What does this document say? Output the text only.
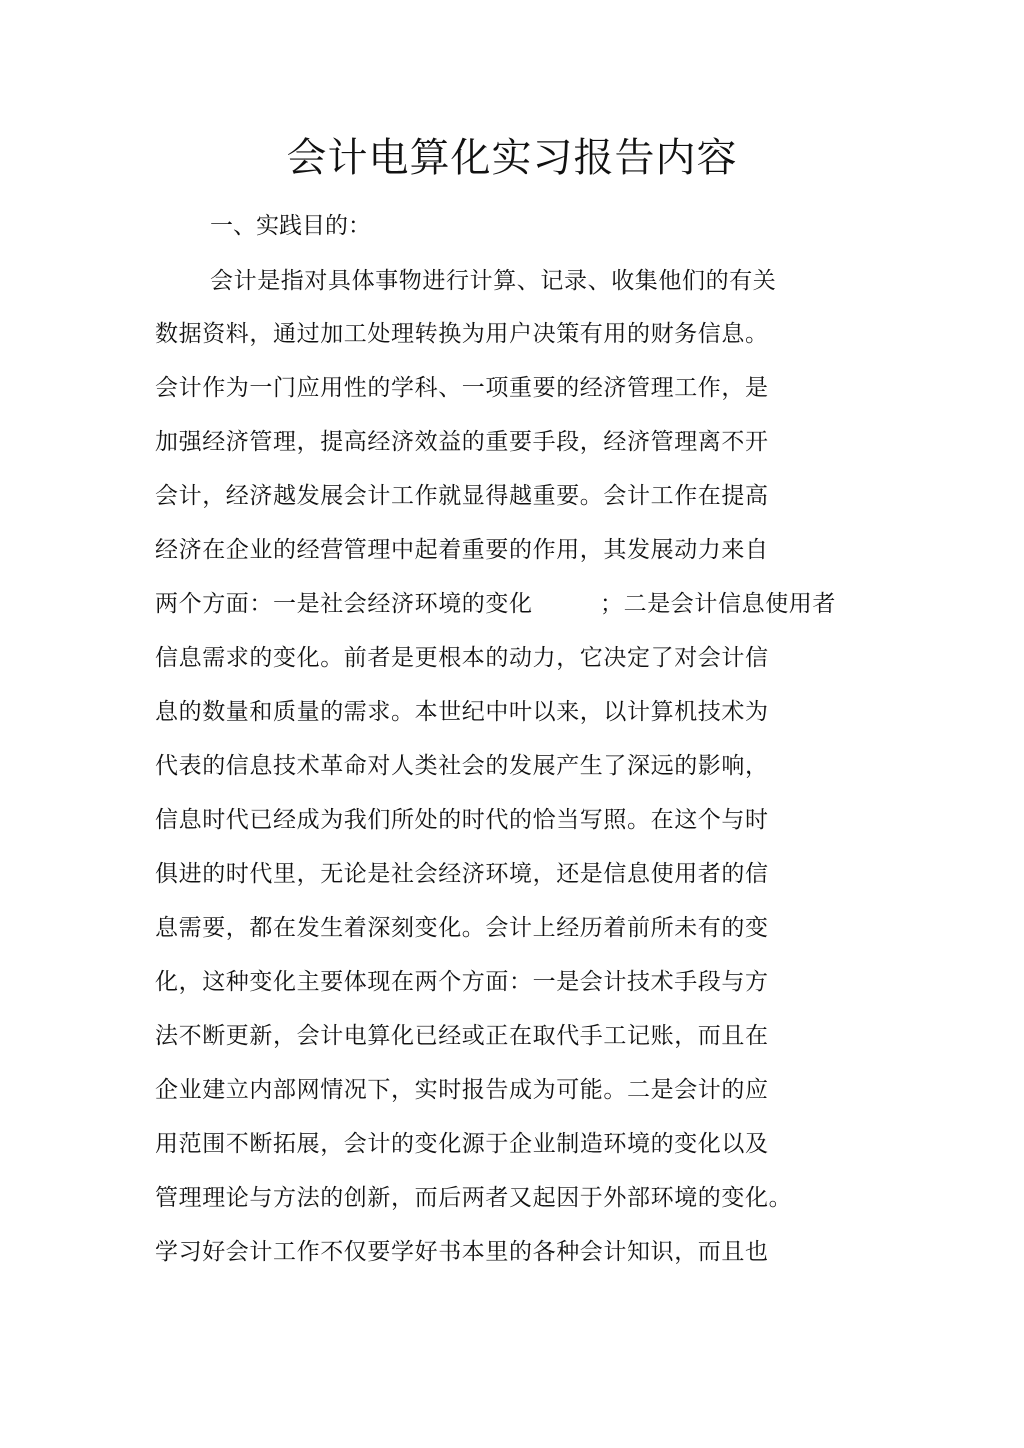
会计电算化实习报告内容
一、实践目的：
会计是指对具体事物进行计算、记录、收集他们的有关
数据资料，通过加工处理转换为用户决策有用的财务信息。
会计作为一门应用性的学科、一项重要的经济管理工作，是
加强经济管理，提高经济效益的重要手段，经济管理离不开
会计，经济越发展会计工作就显得越重要。会计工作在提高
经济在企业的经营管理中起着重要的作用，其发展动力来自
两个方面：一是社会经济环境的变化	；二是会计信息使用者
信息需求的变化。前者是更根本的动力，它决定了对会计信
息的数量和质量的需求。本世纪中叶以来，以计算机技术为
代表的信息技术革命对人类社会的发展产生了深远的影响，
信息时代已经成为我们所处的时代的恰当写照。在这个与时
俱进的时代里，无论是社会经济环境，还是信息使用者的信
息需要，都在发生着深刻变化。会计上经历着前所未有的变
化，这种变化主要体现在两个方面：一是会计技术手段与方
法不断更新，会计电算化已经或正在取代手工记账，而且在
企业建立内部网情况下，实时报告成为可能。二是会计的应
用范围不断拓展，会计的变化源于企业制造环境的变化以及
管理理论与方法的创新，而后两者又起因于外部环境的变化。
学习好会计工作不仅要学好书本里的各种会计知识，而且也
